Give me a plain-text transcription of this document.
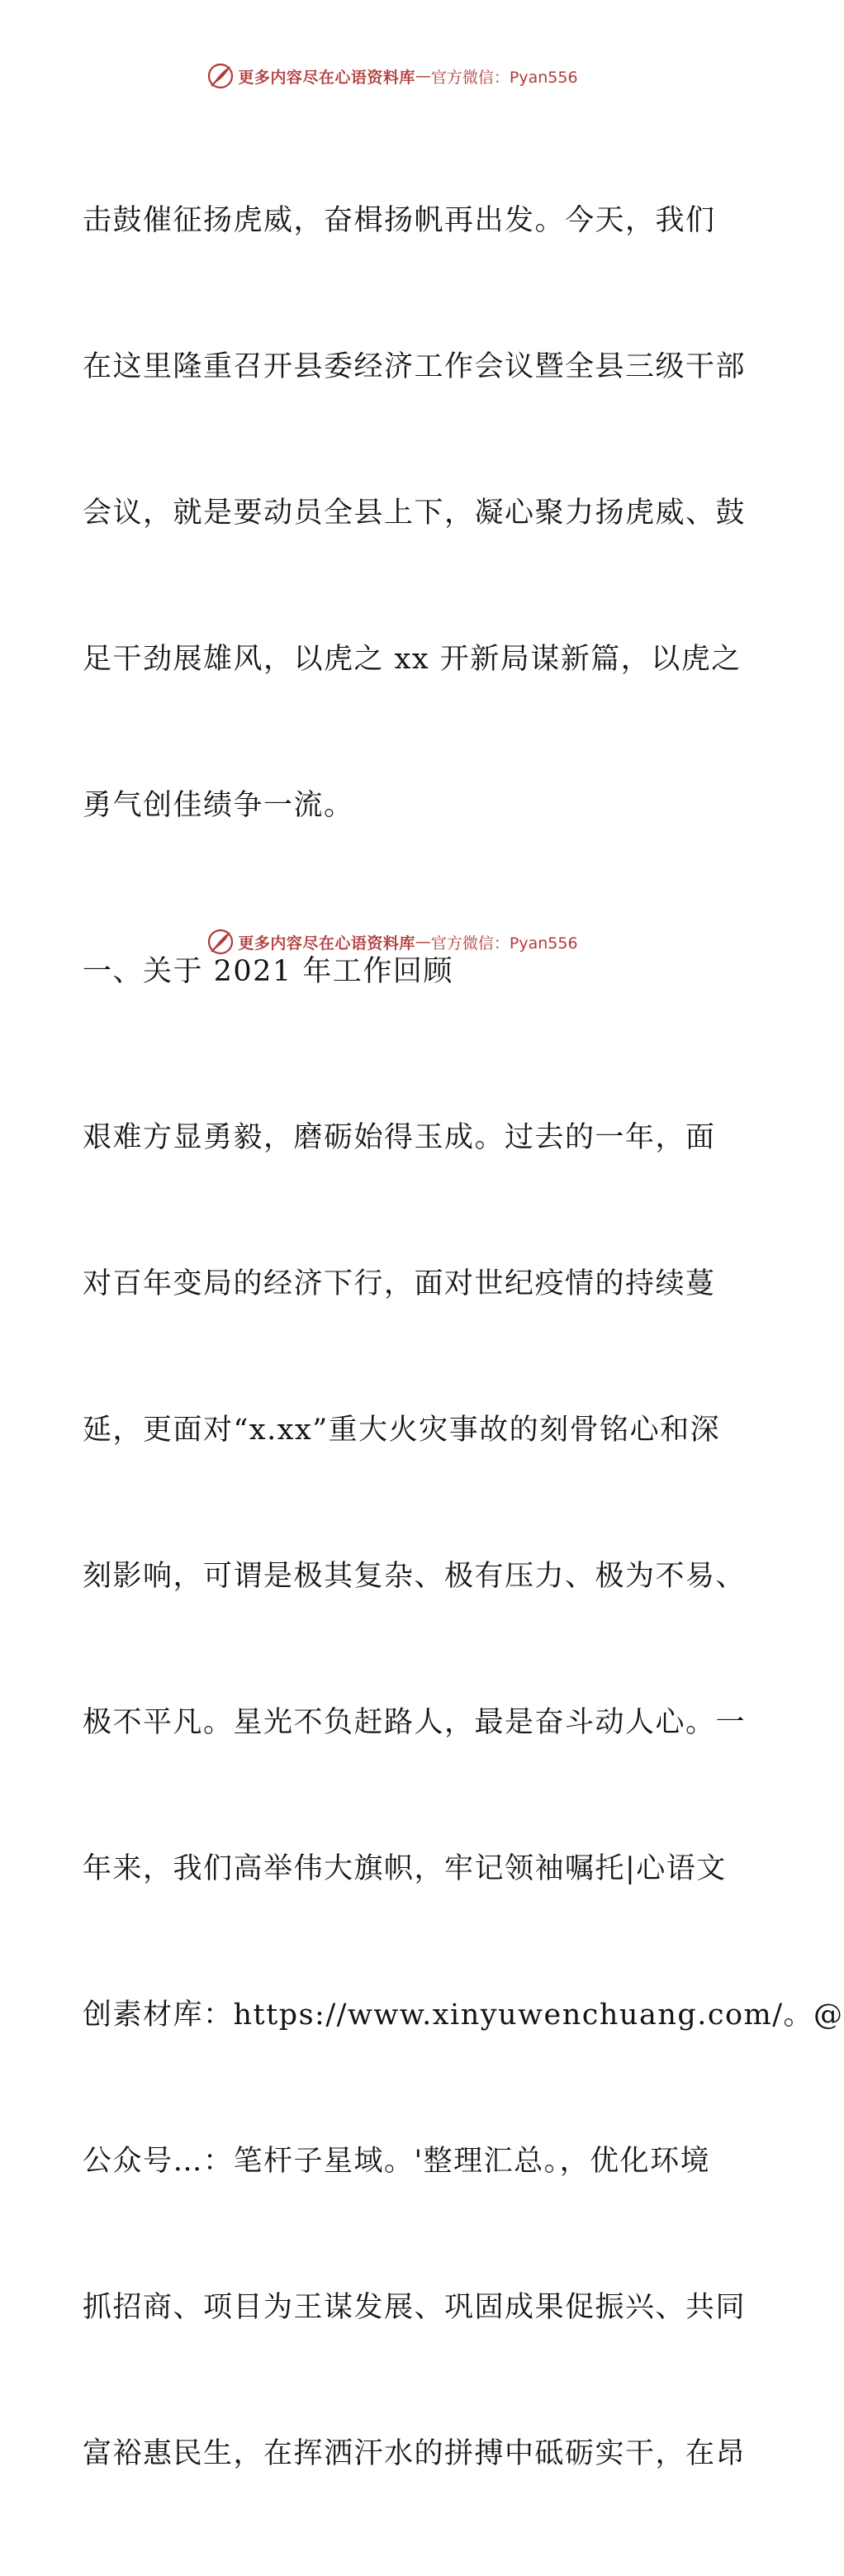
更多内容尽在心语资料库 — 官方微信：Pyan556

击鼓催征扬虎威，奋楫扬帆再出发。今天，我们

在这里隆重召开县委经济工作会议暨全县三级干部

会议，就是要动员全县上下，凝心聚力扬虎威、鼓

足干劲展雄风，以虎之 xx 开新局谋新篇，以虎之

勇气创佳绩争一流。

一、关于 2021 年工作回顾

艰难方显勇毅，磨砺始得玉成。过去的一年，面

对百年变局的经济下行，面对世纪疫情的持续蔓

延，更面对“x.xx”重大火灾事故的刻骨铭心和深

刻影响，可谓是极其复杂、极有压力、极为不易、

极不平凡。星光不负赶路人，最是奋斗动人心。一

年来，我们高举伟大旗帜，牢记领袖嘱托|心语文

创素材库：https://www.xinyuwenchuang.com/。@

公众号…：笔杆子星域。'整理汇总。，优化环境

抓招商、项目为王谋发展、巩固成果促振兴、共同

富裕惠民生，在挥洒汗水的拼搏中砥砺实干，在昂

更多内容尽在心语资料库 — 官方微信：Pyan556
